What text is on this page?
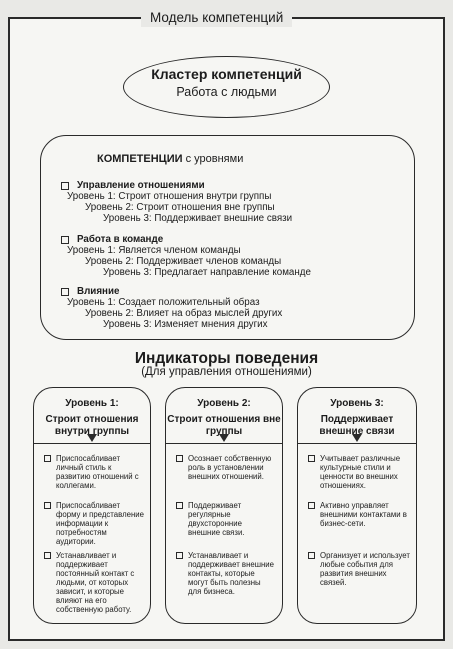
Модель компетенций
Кластер компетенций
Работа с людьми
КОМПЕТЕНЦИИ с уровнями
Управление отношениями
Уровень 1: Строит отношения внутри группы
Уровень 2: Строит отношения вне группы
Уровень 3: Поддерживает внешние связи
Работа в команде
Уровень 1: Является членом команды
Уровень 2: Поддерживает членов команды
Уровень 3: Предлагает направление команде
Влияние
Уровень 1: Создает положительный образ
Уровень 2: Влияет на образ мыслей других
Уровень 3: Изменяет мнения других
Индикаторы поведения
(Для управления отношениями)
Уровень 1:
Строит отношения внутри группы
Приспосабливает личный стиль к развитию отношений с коллегами.
Приспосабливает форму и представление информации к потребностям аудитории.
Устанавливает и поддерживает постоянный контакт с людьми, от которых зависит, и которые влияют на его собственную работу.
Уровень 2:
Строит отношения вне группы
Осознает собственную роль в установлении внешних отношений.
Поддерживает регулярные двухсторонние внешние связи.
Устанавливает и поддерживает внешние контакты, которые могут быть полезны для бизнеса.
Уровень 3:
Поддерживает внешние связи
Учитывает различные культурные стили и ценности во внешних отношениях.
Активно управляет внешними контактами в бизнес-сети.
Организует и использует любые события для развития внешних связей.
